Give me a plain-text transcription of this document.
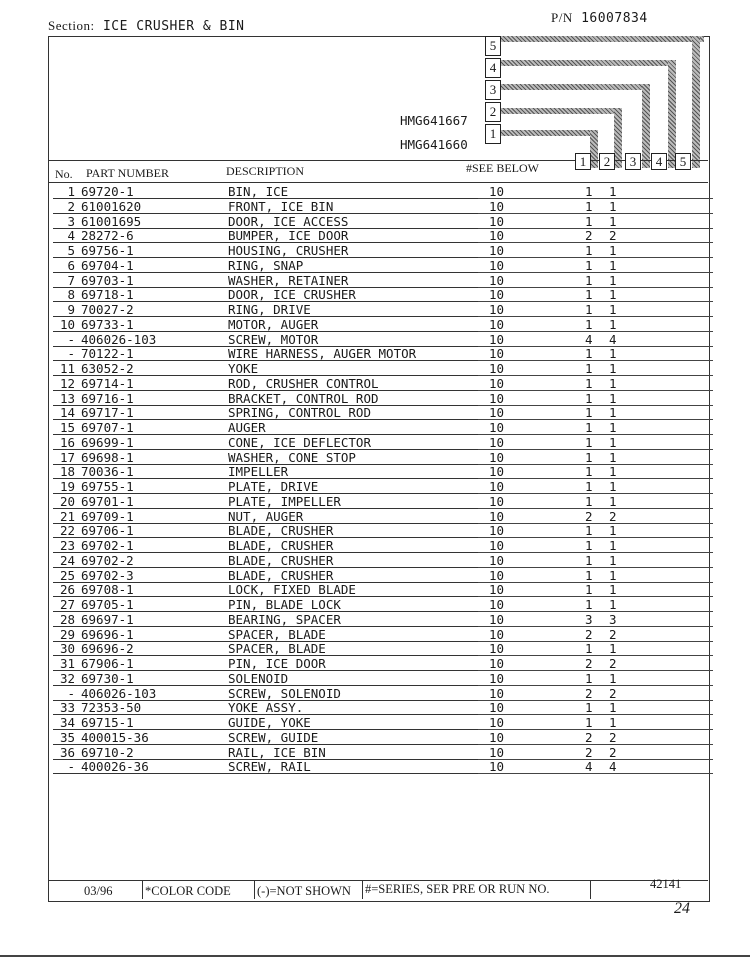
Section: ICE CRUSHER & BIN
P/N 16007834
5
4
3
2
1
HMG641667
HMG641660
No. PART NUMBER	DESCRIPTION	#SEE BELOW	1	2	3	4	5
1 69720-1	BIN, ICE	10	1 1
2 61001620	FRONT, ICE BIN	10	1 1
3 61001695	DOOR, ICE ACCESS	10	1 1
4 28272-6	BUMPER, ICE DOOR	10	2 2
5 69756-1	HOUSING, CRUSHER	10	1 1
6 69704-1	RING, SNAP	10	1 1
7 69703-1	WASHER, RETAINER	10	1 1
8 69718-1	DOOR, ICE CRUSHER	10	1 1
9 70027-2	RING, DRIVE	10	1 1
10 69733-1	MOTOR, AUGER	10	1 1
- 406026-103	SCREW, MOTOR	10	4 4
- 70122-1	WIRE HARNESS, AUGER MOTOR	10	1 1
11 63052-2	YOKE	10	1 1
12 69714-1	ROD, CRUSHER CONTROL	10	1 1
13 69716-1	BRACKET, CONTROL ROD	10	1 1
14 69717-1	SPRING, CONTROL ROD	10	1 1
15 69707-1	AUGER	10	1 1
16 69699-1	CONE, ICE DEFLECTOR	10	1 1
17 69698-1	WASHER, CONE STOP	10	1 1
18 70036-1	IMPELLER	10	1 1
19 69755-1	PLATE, DRIVE	10	1 1
20 69701-1	PLATE, IMPELLER	10	1 1
21 69709-1	NUT, AUGER	10	2 2
22 69706-1	BLADE, CRUSHER	10	1 1
23 69702-1	BLADE, CRUSHER	10	1 1
24 69702-2	BLADE, CRUSHER	10	1 1
25 69702-3	BLADE, CRUSHER	10	1 1
26 69708-1	LOCK, FIXED BLADE	10	1 1
27 69705-1	PIN, BLADE LOCK	10	1 1
28 69697-1	BEARING, SPACER	10	3 3
29 69696-1	SPACER, BLADE	10	2 2
30 69696-2	SPACER, BLADE	10	1 1
31 67906-1	PIN, ICE DOOR	10	2 2
32 69730-1	SOLENOID	10	1 1
- 406026-103	SCREW, SOLENOID	10	2 2
33 72353-50	YOKE ASSY.	10	1 1
34 69715-1	GUIDE, YOKE	10	1 1
35 400015-36	SCREW, GUIDE	10	2 2
36 69710-2	RAIL, ICE BIN	10	2 2
- 400026-36	SCREW, RAIL	10	4 4
03/96	*COLOR CODE (-)=NOT SHOWN #=SERIES, SER PRE OR RUN NO.	42141
24
